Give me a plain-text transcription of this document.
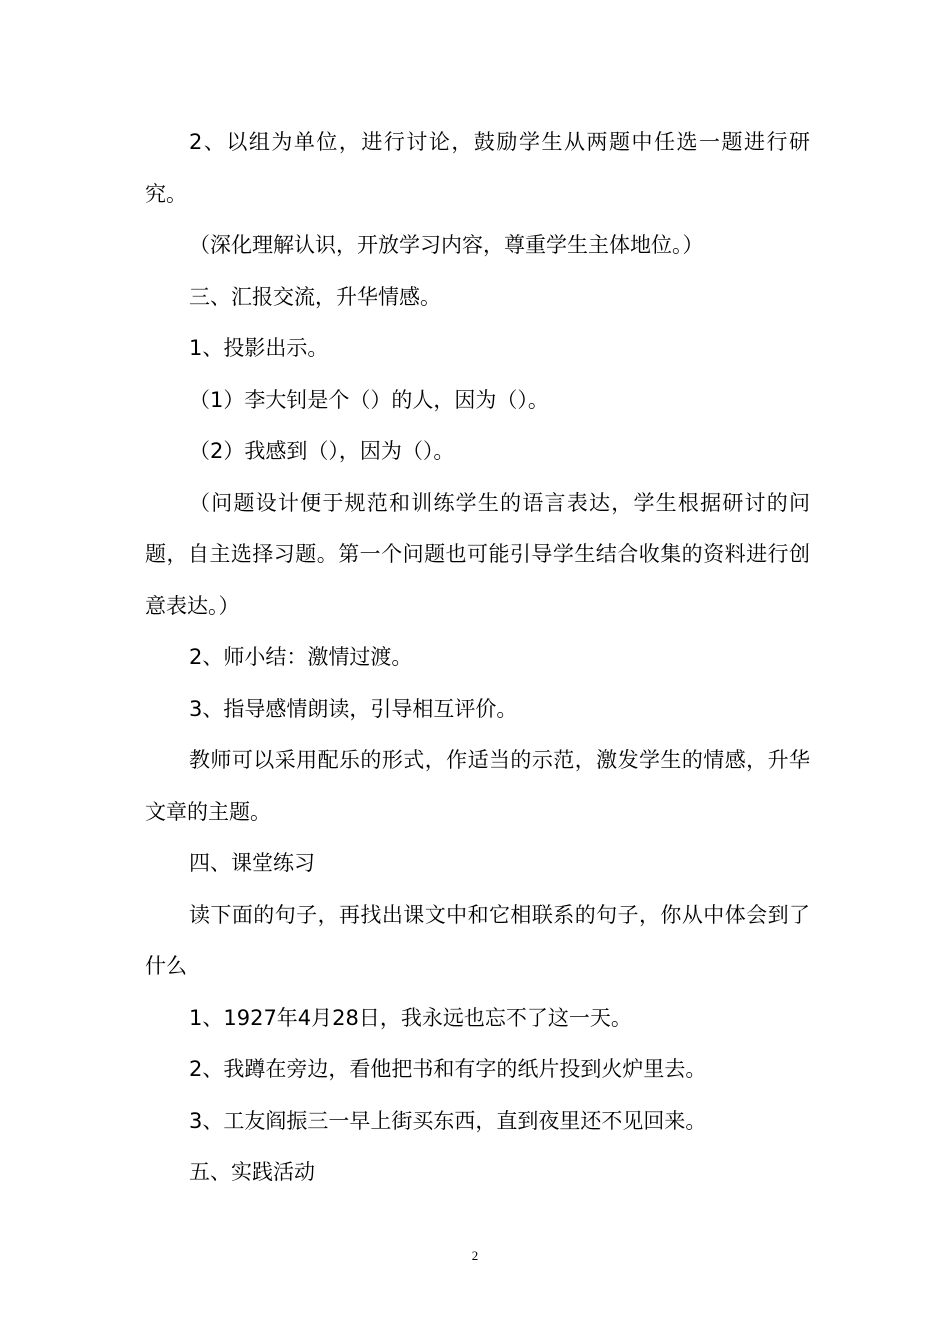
2、以组为单位，进行讨论，鼓励学生从两题中任选一题进行研究。

（深化理解认识，开放学习内容，尊重学生主体地位。）

三、汇报交流，升华情感。

1、投影出示。

（1）李大钊是个（）的人，因为（）。

（2）我感到（），因为（）。

（问题设计便于规范和训练学生的语言表达，学生根据研讨的问题，自主选择习题。第一个问题也可能引导学生结合收集的资料进行创意表达。）

2、师小结：激情过渡。

3、指导感情朗读，引导相互评价。

教师可以采用配乐的形式，作适当的示范，激发学生的情感，升华文章的主题。

四、课堂练习

读下面的句子，再找出课文中和它相联系的句子，你从中体会到了什么

1、1927年4月28日，我永远也忘不了这一天。

2、我蹲在旁边，看他把书和有字的纸片投到火炉里去。

3、工友阎振三一早上街买东西，直到夜里还不见回来。

五、实践活动

2
